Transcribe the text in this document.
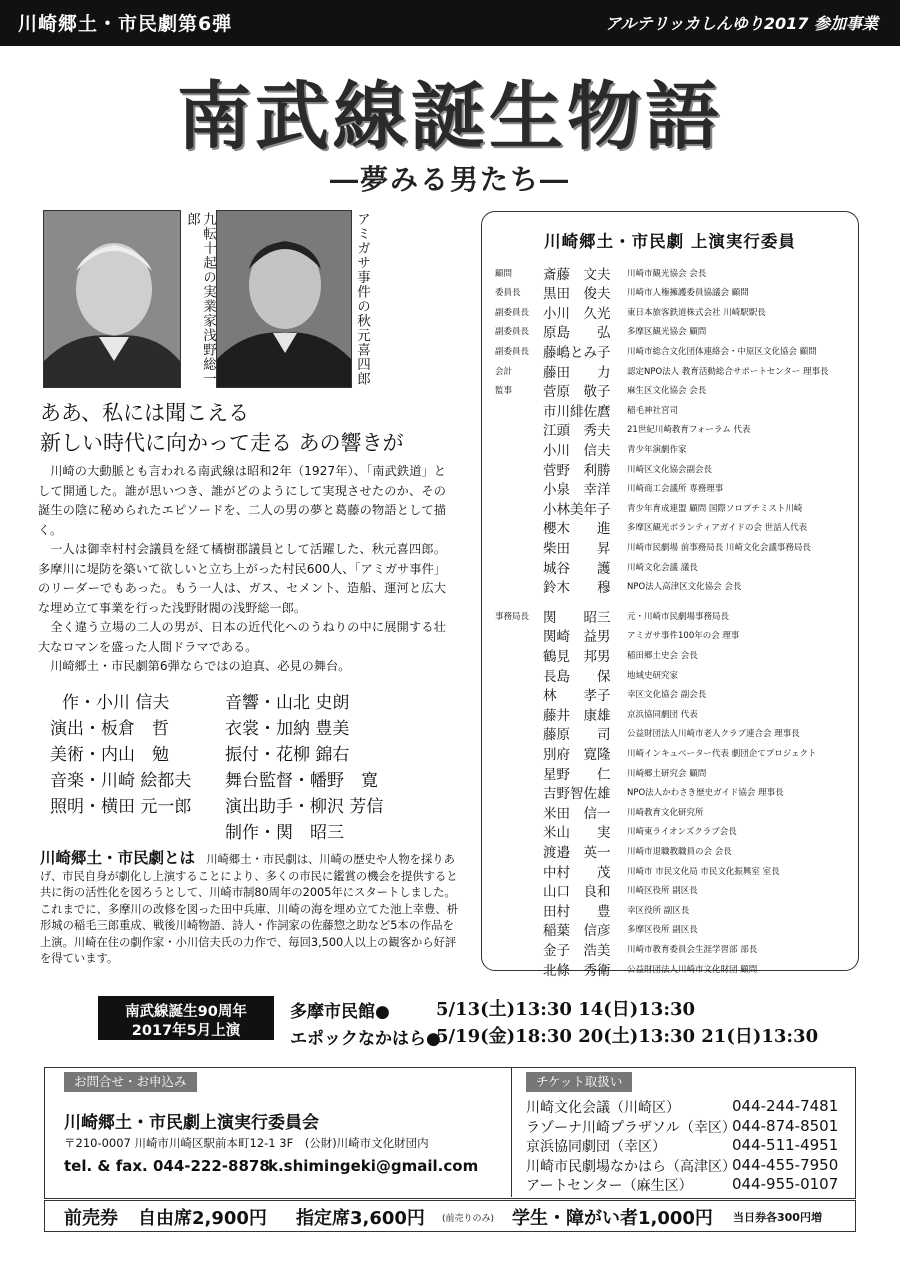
川崎郷土・市民劇第6弾	アルテリッカしんゆり2017 参加事業
南武線誕生物語
―夢みる男たち―
九転十起の実業家浅野総一郎	アミガサ事件の秋元喜四郎
ああ、私には聞こえる
新しい時代に向かって走る あの響きが

川崎の大動脈とも言われる南武線は昭和2年（1927年）、「南武鉄道」として開通した。誰が思いつき、誰がどのようにして実現させたのか、その誕生の陰に秘められたエピソードを、二人の男の夢と葛藤の物語として描く。

一人は御幸村村会議員を経て橘樹郡議員として活躍した、秋元喜四郎。多摩川に堤防を築いて欲しいと立ち上がった村民600人、「アミガサ事件」のリーダーでもあった。もう一人は、ガス、セメント、造船、運河と広大な埋め立て事業を行った浅野財閥の浅野総一郎。

全く違う立場の二人の男が、日本の近代化へのうねりの中に展開する壮大なロマンを盛った人間ドラマである。

川崎郷土・市民劇第6弾ならではの迫真、必見の舞台。

作・小川 信夫
演出・板倉　哲
美術・内山　勉
音楽・川崎 絵都夫
照明・横田 元一郎
音響・山北 史朗
衣裳・加納 豊美
振付・花柳 錦右
舞台監督・幡野　寛
演出助手・柳沢 芳信
制作・関　昭三
川崎郷土・市民劇とは　 川崎郷土・市民劇は、川崎の歴史や人物を採りあげ、市民自身が劇化し上演することにより、多くの市民に鑑賞の機会を提供すると共に街の活性化を図ろうとして、川崎市制80周年の2005年にスタートしました。 これまでに、多摩川の改修を図った田中兵庫、川崎の海を埋め立てた池上幸豊、枡形城の稲毛三郎重成、戦後川崎物語、詩人・作詞家の佐藤惣之助など5本の作品を上演。川崎在住の劇作家・小川信夫氏の力作で、毎回3,500人以上の観客から好評を得ています。
川崎郷土・市民劇 上演実行委員
顧問 斎藤　文夫 川崎市観光協会 会長
委員長 黒田　俊夫 川崎市人権擁護委員協議会 顧問
副委員長 小川　久光 東日本旅客鉄道株式会社 川崎駅駅長
副委員長 原島　　弘 多摩区観光協会 顧問
副委員長 藤嶋とみ子 川崎市総合文化団体連絡会・中原区文化協会 顧問
会計 藤田　　力 認定NPO法人 教育活動総合サポートセンター 理事長
監事 菅原　敬子 麻生区文化協会 会長
市川緋佐麿 稲毛神社宮司
江頭　秀夫 21世紀川崎教育フォーラム 代表
小川　信夫 青少年演劇作家
菅野　利勝 川崎区文化協会副会長
小泉　幸洋 川崎商工会議所 専務理事
小林美年子 青少年育成連盟 顧問 国際ソロプチミスト川崎
櫻木　　進 多摩区観光ボランティアガイドの会 世話人代表
柴田　　昇 川崎市民劇場 前事務局長 川崎文化会議事務局長
城谷　　護 川崎文化会議 議長
鈴木　　穆 NPO法人高津区文化協会 会長
事務局長 関　　昭三 元・川崎市民劇場事務局長
関崎　益男 アミガサ事件100年の会 理事
鶴見　邦男 稲田郷土史会 会長
長島　　保 地域史研究家
林　　孝子 幸区文化協会 副会長
藤井　康雄 京浜協同劇団 代表
藤原　　司 公益財団法人川崎市老人クラブ連合会 理事長
別府　寛隆 川崎インキュベーター代表 劇団企てプロジェクト
星野　　仁 川崎郷土研究会 顧問
吉野智佐雄 NPO法人かわさき歴史ガイド協会 理事長
米田　信一 川崎教育文化研究所
米山　　実 川崎東ライオンズクラブ会長
渡邉　英一 川崎市退職教職員の会 会長
中村　　茂 川崎市 市民文化局 市民文化振興室 室長
山口　良和 川崎区役所 副区長
田村　　豊 幸区役所 副区長
稲葉　信彦 多摩区役所 副区長
金子　浩美 川崎市教育委員会生涯学習部 部長
北條　秀衛 公益財団法人川崎市文化財団 顧問
南武線誕生90周年
2017年5月上演
多摩市民館●	5/13(土)13:30 14(日)13:30
エポックなかはら●
5/19(金)18:30 20(土)13:30 21(日)13:30
お問合せ・お申込み
川崎郷土・市民劇上演実行委員会
〒210-0007 川崎市川崎区駅前本町12-1 3F　(公財)川崎市文化財団内
tel. & fax. 044-222-8878
k.shimingeki@gmail.com
チケット取扱い
川崎文化会議（川崎区）	044-244-7481
ラゾーナ川崎プラザソル（幸区）
044-874-8501
京浜協同劇団（幸区）	044-511-4951
川崎市民劇場なかはら（高津区）
044-455-7950
アートセンター（麻生区）	044-955-0107
前売券 自由席2,900円 指定席3,600円 (前売りのみ) 学生・障がい者1,000円 当日券各300円増
